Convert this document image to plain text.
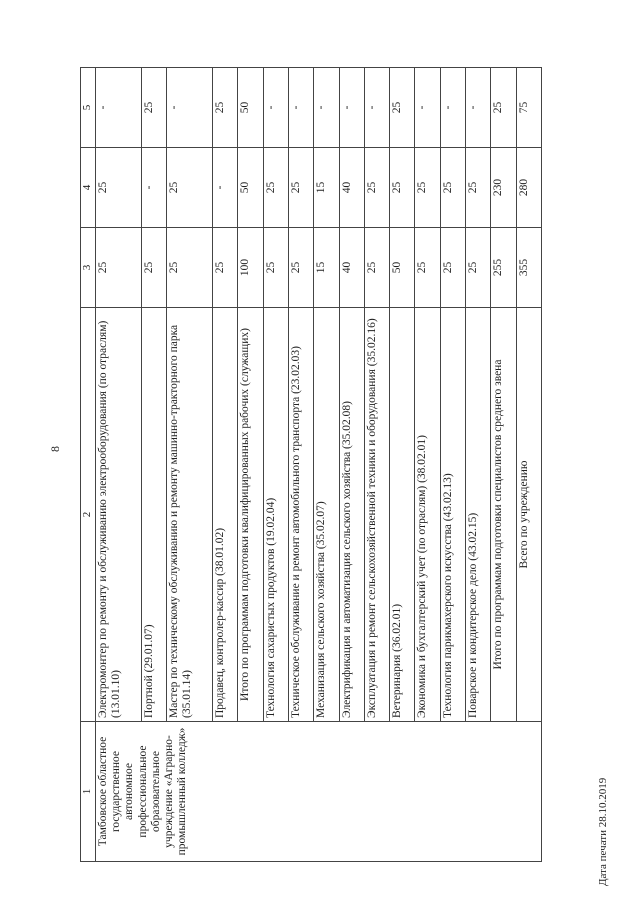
8
1	2	3	4	5
Тамбовское областное государственное автономное профессиональное образовательное учреждение «Аграрно-промышленный колледж»	Электромонтер по ремонту и обслуживанию электрооборудования (по отраслям) (13.01.10)	25	25	-
	Портной (29.01.07)	25	-	25
	Мастер по техническому обслуживанию и ремонту машинно-тракторного парка (35.01.14)	25	25	-
	Продавец, контролер-кассир (38.01.02)	25	-	25
	Итого по программам подготовки квалифицированных рабочих (служащих)	100	50	50
	Технология сахаристых продуктов (19.02.04)	25	25	-
	Техническое обслуживание и ремонт автомобильного транспорта (23.02.03)	25	25	-
	Механизация сельского хозяйства (35.02.07)	15	15	-
	Электрификация и автоматизация сельского хозяйства (35.02.08)	40	40	-
	Эксплуатация и ремонт сельскохозяйственной техники и оборудования (35.02.16)	25	25	-
	Ветеринария (36.02.01)	50	25	25
	Экономика и бухгалтерский учет (по отраслям) (38.02.01)	25	25	-
	Технология парикмахерского искусства (43.02.13)	25	25	-
	Поварское и кондитерское дело (43.02.15)	25	25	-
	Итого по программам подготовки специалистов среднего звена	255	230	25
	Всего по учреждению	355	280	75
Дата печати 28.10.2019
